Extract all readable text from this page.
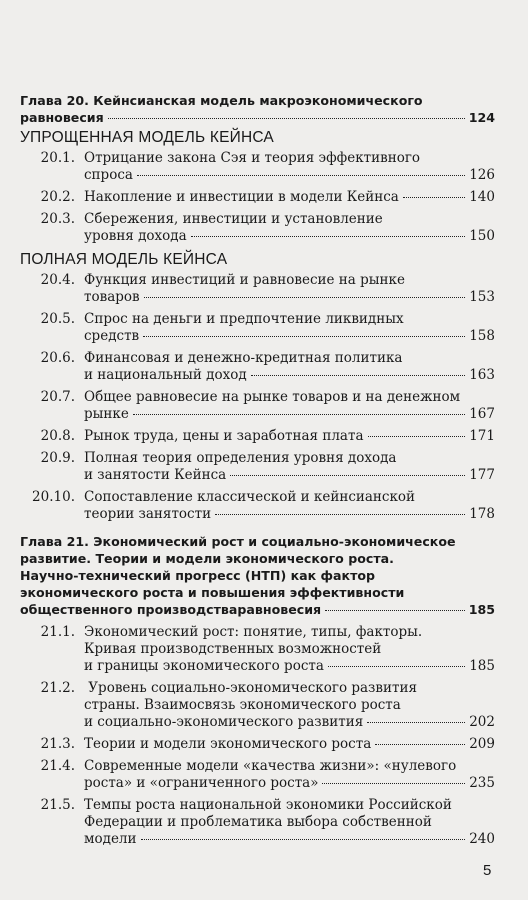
Глава 20. Кейнсианская модель макроэкономического
равновесия	124
УПРОЩЕННАЯ МОДЕЛЬ КЕЙНСА
20.1. Отрицание закона Сэя и теория эффективного
спроса	126
20.2. Накопление и инвестиции в модели Кейнса	140
20.3. Сбережения, инвестиции и установление
уровня дохода	150
ПОЛНАЯ МОДЕЛЬ КЕЙНСА
20.4. Функция инвестиций и равновесие на рынке
товаров	153
20.5. Спрос на деньги и предпочтение ликвидных
средств	158
20.6. Финансовая и денежно-кредитная политика
и национальный доход	163
20.7. Общее равновесие на рынке товаров и на денежном
рынке	167
20.8. Рынок труда, цены и заработная плата	171
20.9. Полная теория определения уровня дохода
и занятости Кейнса	177
20.10. Сопоставление классической и кейнсианской
теории занятости	178
Глава 21. Экономический рост и социально-экономическое
развитие. Теории и модели экономического роста.
Научно-технический прогресс (НТП) как фактор
экономического роста и повышения эффективности
общественного производстваравновесия	185
21.1. Экономический рост: понятие, типы, факторы.
Кривая производственных возможностей
и границы экономического роста	185
21.2. Уровень социально-экономического развития
страны. Взаимосвязь экономического роста
и социально-экономического развития	202
21.3. Теории и модели экономического роста	209
21.4. Современные модели «качества жизни»: «нулевого
роста» и «ограниченного роста»	235
21.5. Темпы роста национальной экономики Российской
Федерации и проблематика выбора собственной
модели	240
5
